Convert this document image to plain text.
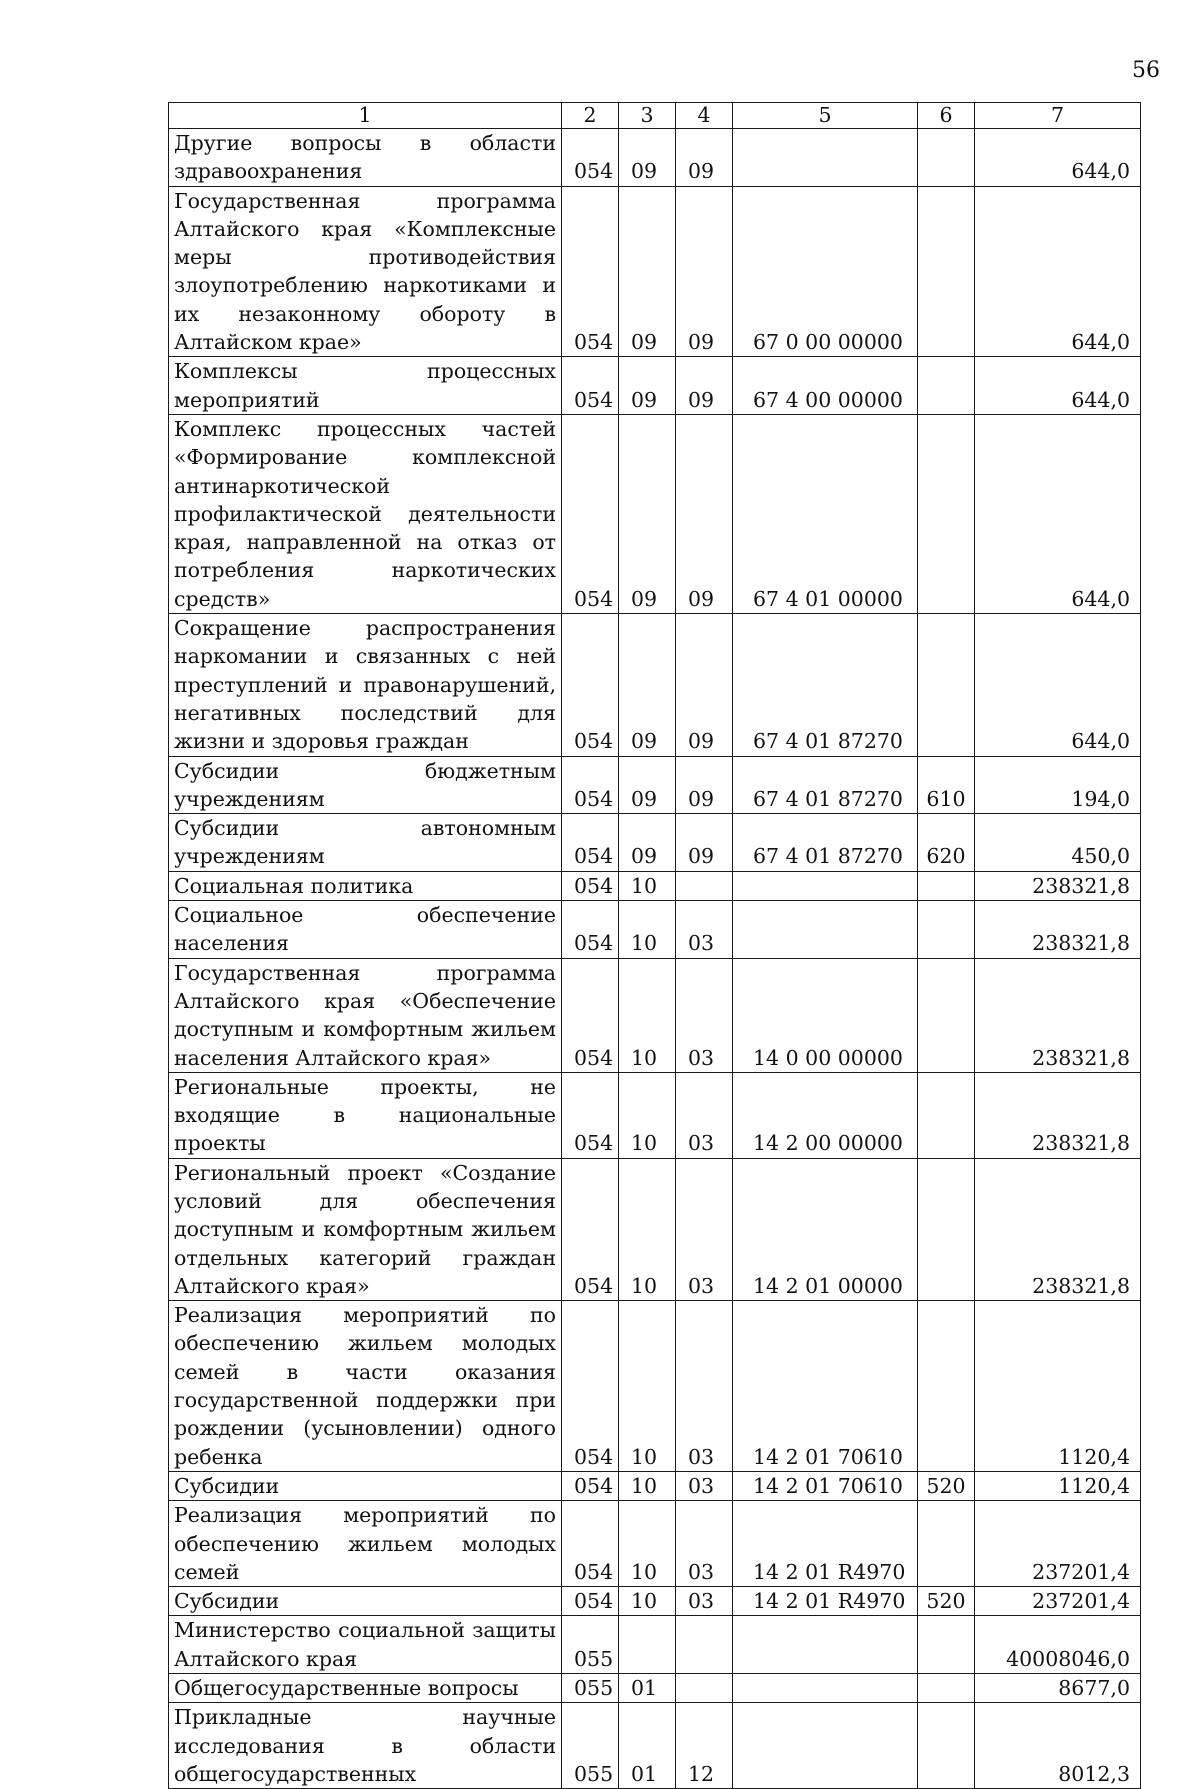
56
1	2	3	4	5	6	7
Другие вопросы в области здравоохранения	054	09	09			644,0
Государственная программа Алтайского края «Комплексные меры противодействия злоупотреблению наркотиками и их незаконному обороту в Алтайском крае»	054	09	09	67 0 00 00000		644,0
Комплексы процессных мероприятий	054	09	09	67 4 00 00000		644,0
Комплекс процессных частей «Формирование комплексной антинаркотической профилактической деятельности края, направленной на отказ от потребления наркотических средств»	054	09	09	67 4 01 00000		644,0
Сокращение распространения наркомании и связанных с ней преступлений и правонарушений, негативных последствий для жизни и здоровья граждан	054	09	09	67 4 01 87270		644,0
Субсидии бюджетным учреждениям	054	09	09	67 4 01 87270	610	194,0
Субсидии автономным учреждениям	054	09	09	67 4 01 87270	620	450,0
Социальная политика	054	10				238321,8
Социальное обеспечение населения	054	10	03			238321,8
Государственная программа Алтайского края «Обеспечение доступным и комфортным жильем населения Алтайского края»	054	10	03	14 0 00 00000		238321,8
Региональные проекты, не входящие в национальные проекты	054	10	03	14 2 00 00000		238321,8
Региональный проект «Создание условий для обеспечения доступным и комфортным жильем отдельных категорий граждан Алтайского края»	054	10	03	14 2 01 00000		238321,8
Реализация мероприятий по обеспечению жильем молодых семей в части оказания государственной поддержки при рождении (усыновлении) одного ребенка	054	10	03	14 2 01 70610		1120,4
Субсидии	054	10	03	14 2 01 70610	520	1120,4
Реализация мероприятий по обеспечению жильем молодых семей	054	10	03	14 2 01 R4970		237201,4
Субсидии	054	10	03	14 2 01 R4970	520	237201,4
Министерство социальной защиты Алтайского края	055					40008046,0
Общегосударственные вопросы	055	01				8677,0
Прикладные научные исследования в области общегосударственных	055	01	12			8012,3
